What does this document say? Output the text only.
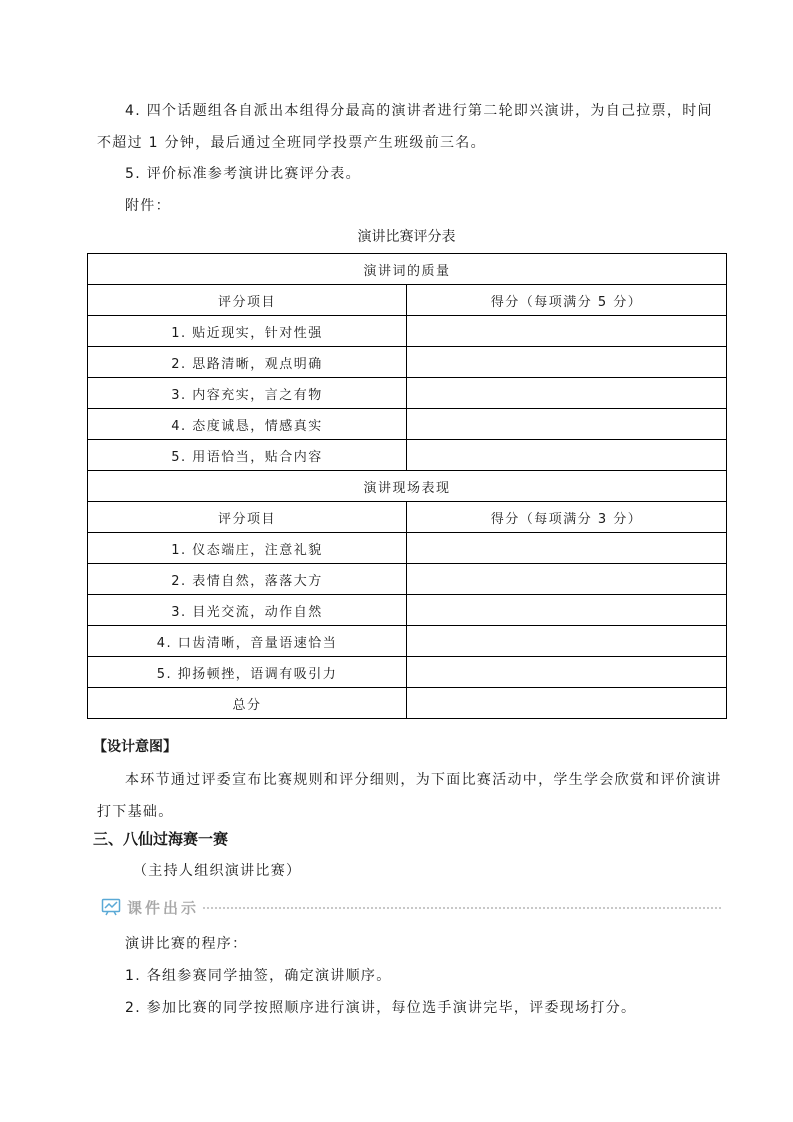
4. 四个话题组各自派出本组得分最高的演讲者进行第二轮即兴演讲，为自己拉票，时间不超过 1 分钟，最后通过全班同学投票产生班级前三名。

5. 评价标准参考演讲比赛评分表。

附件：

演讲比赛评分表
演讲词的质量	
评分项目	得分（每项满分 5 分）
1. 贴近现实，针对性强	
2. 思路清晰，观点明确	
3. 内容充实，言之有物	
4. 态度诚恳，情感真实	
5. 用语恰当，贴合内容	
演讲现场表现	
评分项目	得分（每项满分 3 分）
1. 仪态端庄，注意礼貌	
2. 表情自然，落落大方	
3. 目光交流，动作自然	
4. 口齿清晰，音量语速恰当	
5. 抑扬顿挫，语调有吸引力	
总分	
【设计意图】

本环节通过评委宣布比赛规则和评分细则，为下面比赛活动中，学生学会欣赏和评价演讲打下基础。

三、八仙过海赛一赛
（主持人组织演讲比赛）
课件出示
演讲比赛的程序：
1. 各组参赛同学抽签，确定演讲顺序。
2. 参加比赛的同学按照顺序进行演讲，每位选手演讲完毕，评委现场打分。
